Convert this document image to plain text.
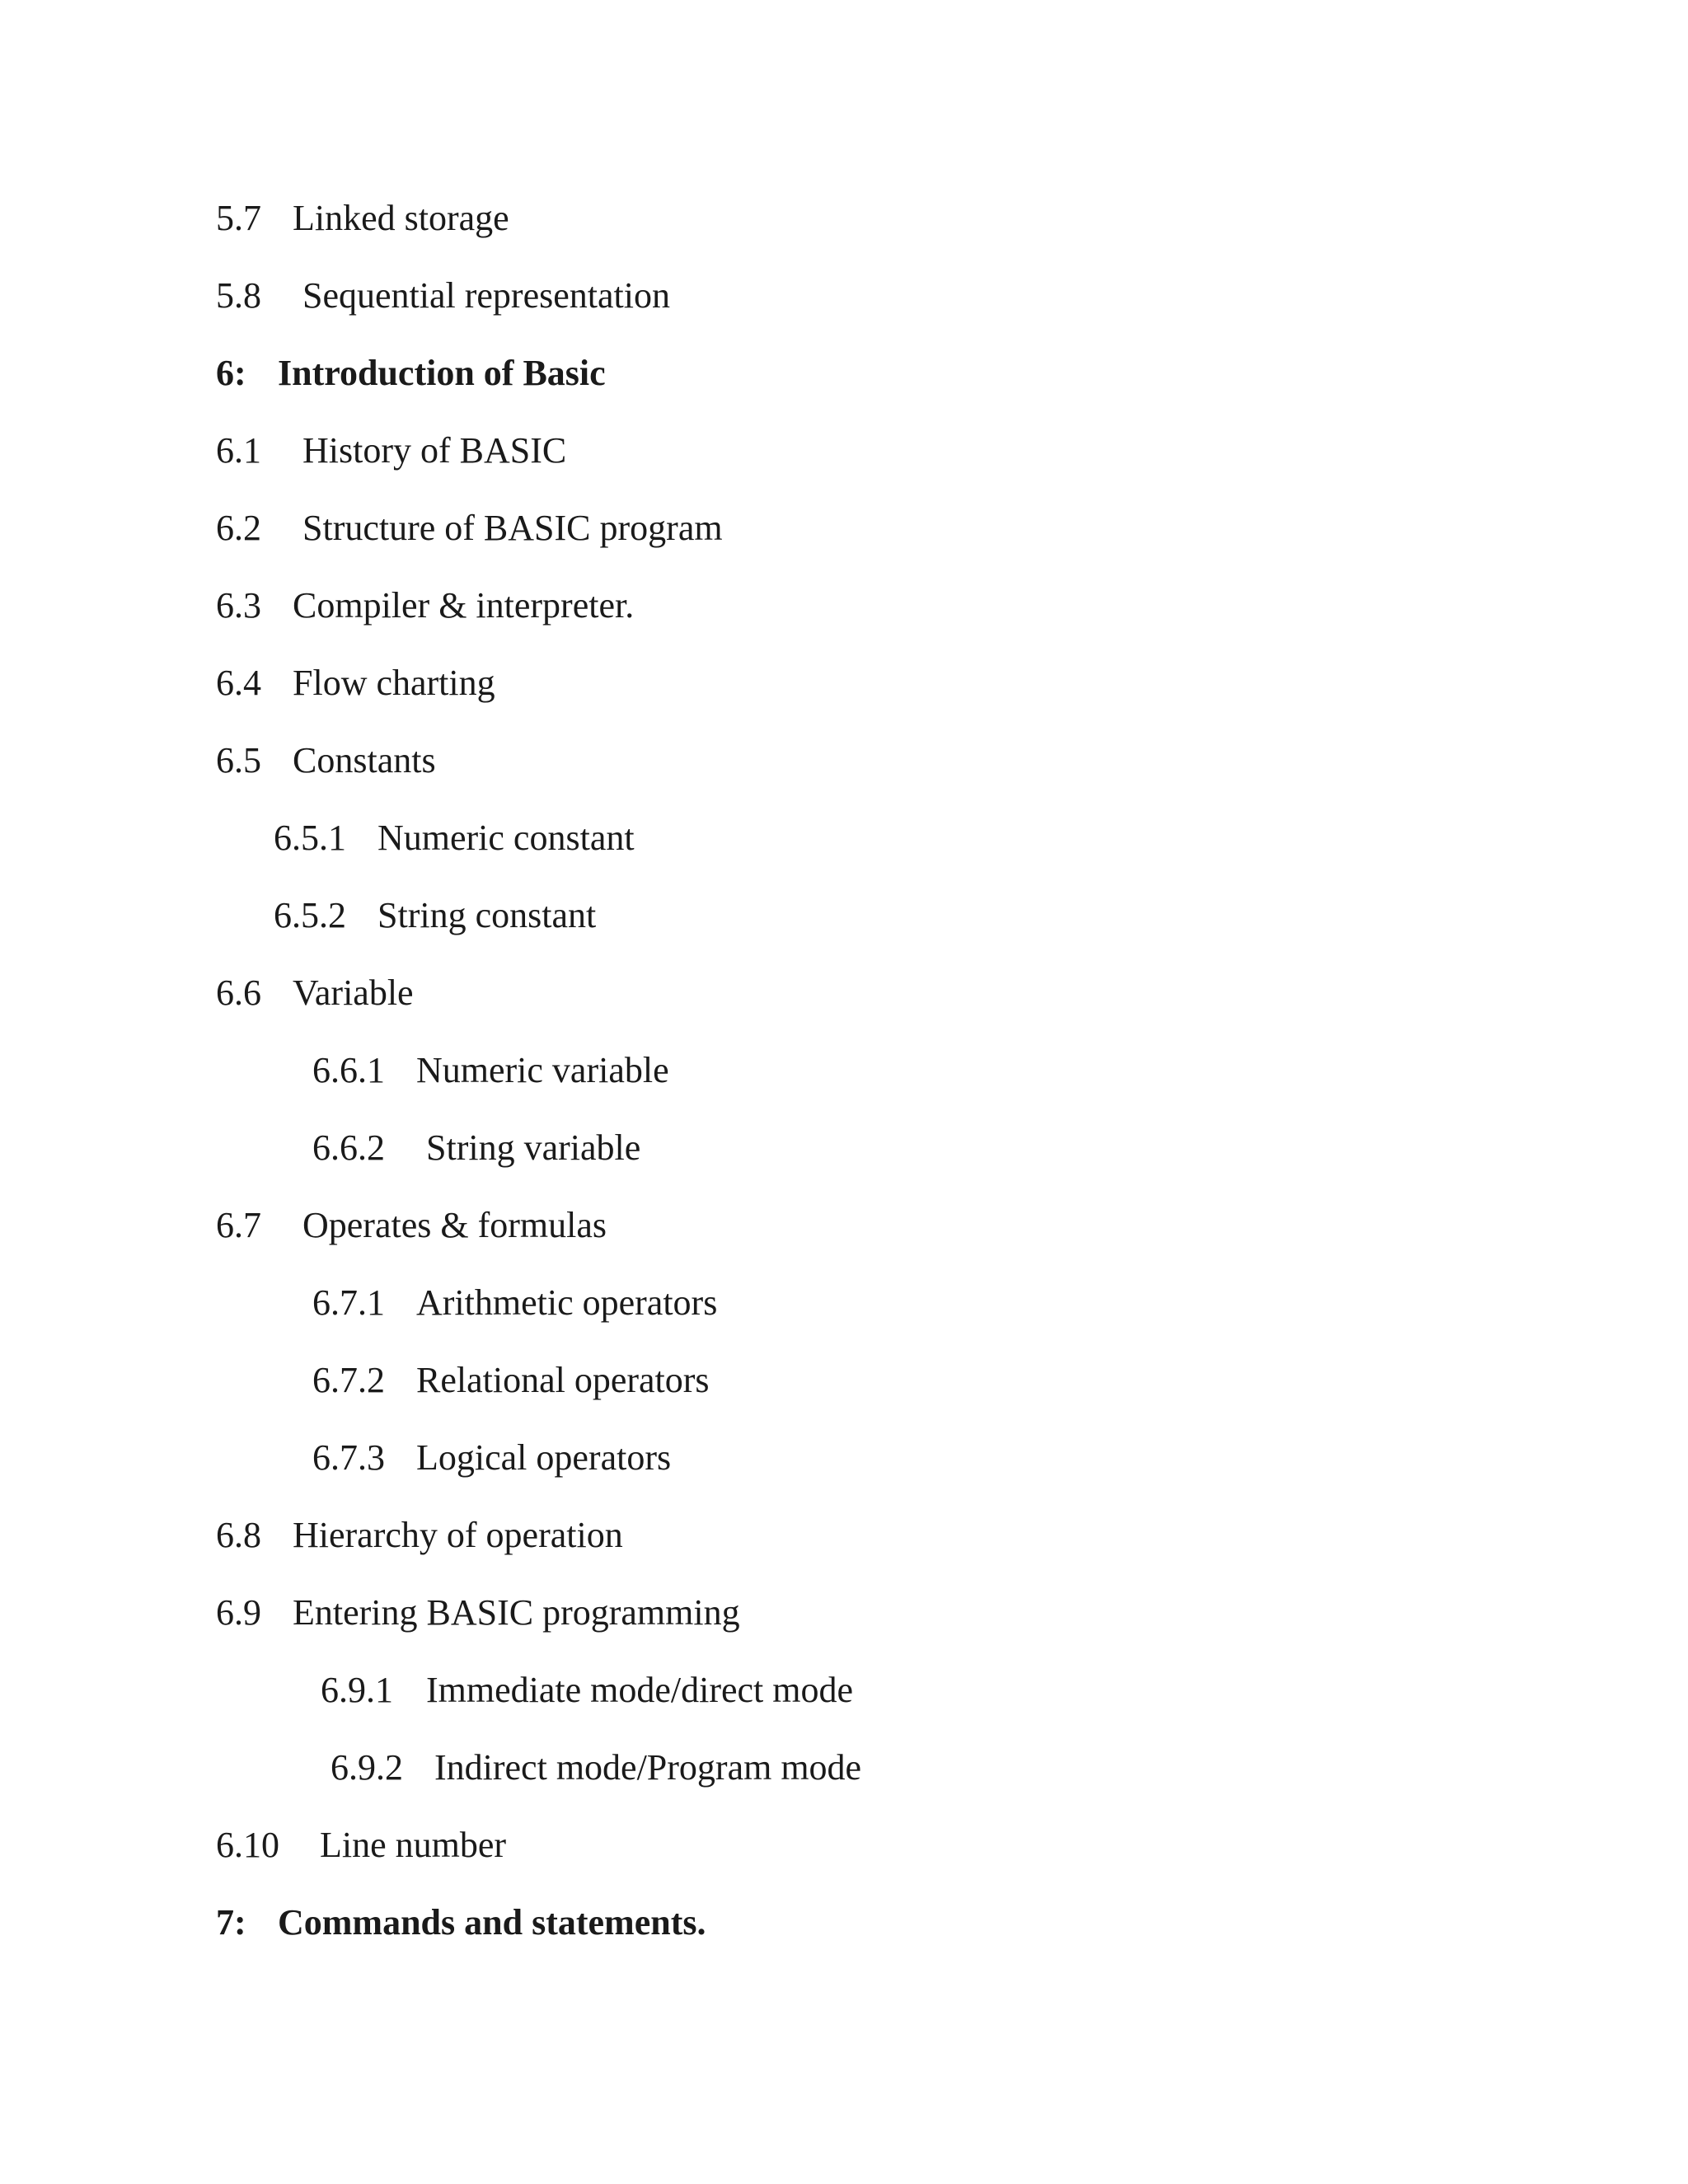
5.7 Linked storage
5.8 Sequential representation
6: Introduction of Basic
6.1 History of BASIC
6.2 Structure of BASIC program
6.3 Compiler & interpreter.
6.4 Flow charting
6.5 Constants
6.5.1 Numeric constant
6.5.2 String constant
6.6 Variable
6.6.1 Numeric variable
6.6.2 String variable
6.7 Operates & formulas
6.7.1 Arithmetic operators
6.7.2 Relational operators
6.7.3 Logical operators
6.8 Hierarchy of operation
6.9 Entering BASIC programming
6.9.1 Immediate mode/direct mode
6.9.2 Indirect mode/Program mode
6.10 Line number
7: Commands and statements.
